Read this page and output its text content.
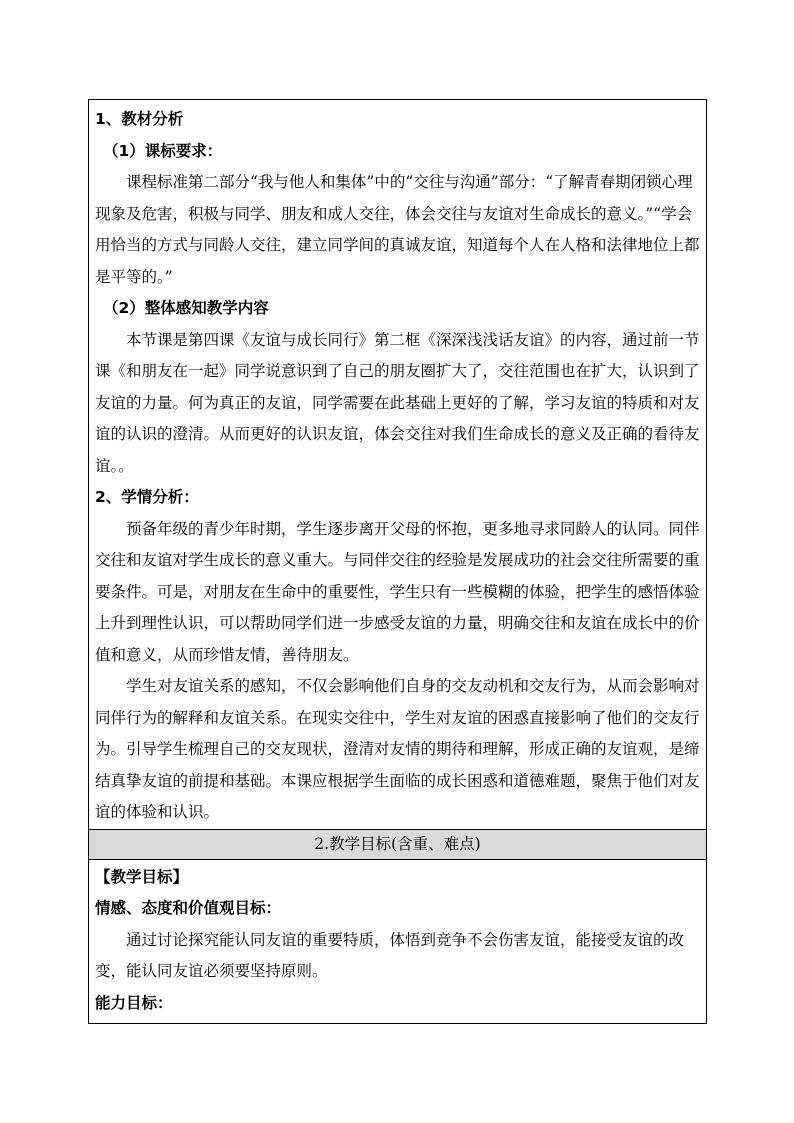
1、教材分析
（1）课标要求：
课程标准第二部分“我与他人和集体”中的“交往与沟通”部分：“了解青春期闭锁心理现象及危害，积极与同学、朋友和成人交往，体会交往与友谊对生命成长的意义。”“学会用恰当的方式与同龄人交往，建立同学间的真诚友谊，知道每个人在人格和法律地位上都是平等的。”
（2）整体感知教学内容
本节课是第四课《友谊与成长同行》第二框《深深浅浅话友谊》的内容，通过前一节课《和朋友在一起》同学说意识到了自己的朋友圈扩大了，交往范围也在扩大，认识到了友谊的力量。何为真正的友谊，同学需要在此基础上更好的了解，学习友谊的特质和对友谊的认识的澄清。从而更好的认识友谊，体会交往对我们生命成长的意义及正确的看待友谊。。
2、学情分析：
预备年级的青少年时期，学生逐步离开父母的怀抱，更多地寻求同龄人的认同。同伴交往和友谊对学生成长的意义重大。与同伴交往的经验是发展成功的社会交往所需要的重要条件。可是，对朋友在生命中的重要性，学生只有一些模糊的体验，把学生的感悟体验上升到理性认识，可以帮助同学们进一步感受友谊的力量，明确交往和友谊在成长中的价值和意义，从而珍惜友情，善待朋友。
学生对友谊关系的感知，不仅会影响他们自身的交友动机和交友行为，从而会影响对同伴行为的解释和友谊关系。在现实交往中，学生对友谊的困惑直接影响了他们的交友行为。引导学生梳理自己的交友现状，澄清对友情的期待和理解，形成正确的友谊观，是缔结真挚友谊的前提和基础。本课应根据学生面临的成长困惑和道德难题，聚焦于他们对友谊的体验和认识。
2.教学目标(含重、难点)
【教学目标】
情感、态度和价值观目标：
通过讨论探究能认同友谊的重要特质，体悟到竞争不会伤害友谊，能接受友谊的改变，能认同友谊必须要坚持原则。
能力目标：
